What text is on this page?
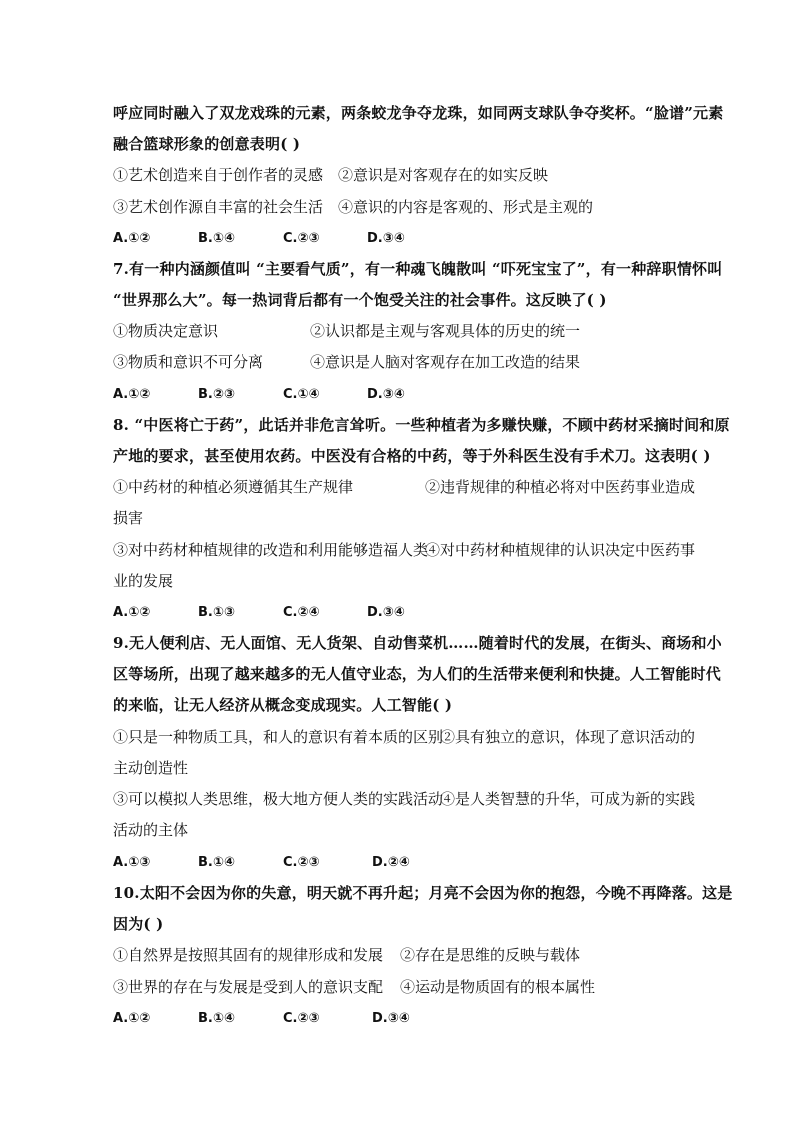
呼应同时融入了双龙戏珠的元素，两条蛟龙争夺龙珠，如同两支球队争夺奖杯。“脸谱”元素
融合篮球形象的创意表明( )
①艺术创造来自于创作者的灵感 ②意识是对客观存在的如实反映
③艺术创作源自丰富的社会生活 ④意识的内容是客观的、形式是主观的
A.①②	B.①④	C.②③	D.③④
7.有一种内涵颜值叫 “主要看气质”，有一种魂飞魄散叫 “吓死宝宝了”，有一种辞职情怀叫
“世界那么大”。每一热词背后都有一个饱受关注的社会事件。这反映了( )
①物质决定意识	②认识都是主观与客观具体的历史的统一
③物质和意识不可分离	④意识是人脑对客观存在加工改造的结果
A.①②	B.②③	C.①④	D.③④
8. “中医将亡于药”，此话并非危言耸听。一些种植者为多赚快赚，不顾中药材采摘时间和原
产地的要求，甚至使用农药。中医没有合格的中药，等于外科医生没有手术刀。这表明( )
①中药材的种植必须遵循其生产规律	②违背规律的种植必将对中医药事业造成
损害
③对中药材种植规律的改造和利用能够造福人类
④对中药材种植规律的认识决定中医药事
业的发展
A.①②	B.①③	C.②④	D.③④
9.无人便利店、无人面馆、无人货架、自动售菜机……随着时代的发展，在街头、商场和小
区等场所，出现了越来越多的无人值守业态，为人们的生活带来便利和快捷。人工智能时代
的来临，让无人经济从概念变成现实。人工智能( )
①只是一种物质工具，和人的意识有着本质的区别
②具有独立的意识，体现了意识活动的
主动创造性
③可以模拟人类思维，极大地方便人类的实践活动
④是人类智慧的升华，可成为新的实践
活动的主体
A.①③	B.①④	C.②③	D.②④
10.太阳不会因为你的失意，明天就不再升起；月亮不会因为你的抱怨，今晚不再降落。这是
因为( )
①自然界是按照其固有的规律形成和发展 ②存在是思维的反映与载体
③世界的存在与发展是受到人的意识支配 ④运动是物质固有的根本属性
A.①②	B.①④	C.②③	D.③④
